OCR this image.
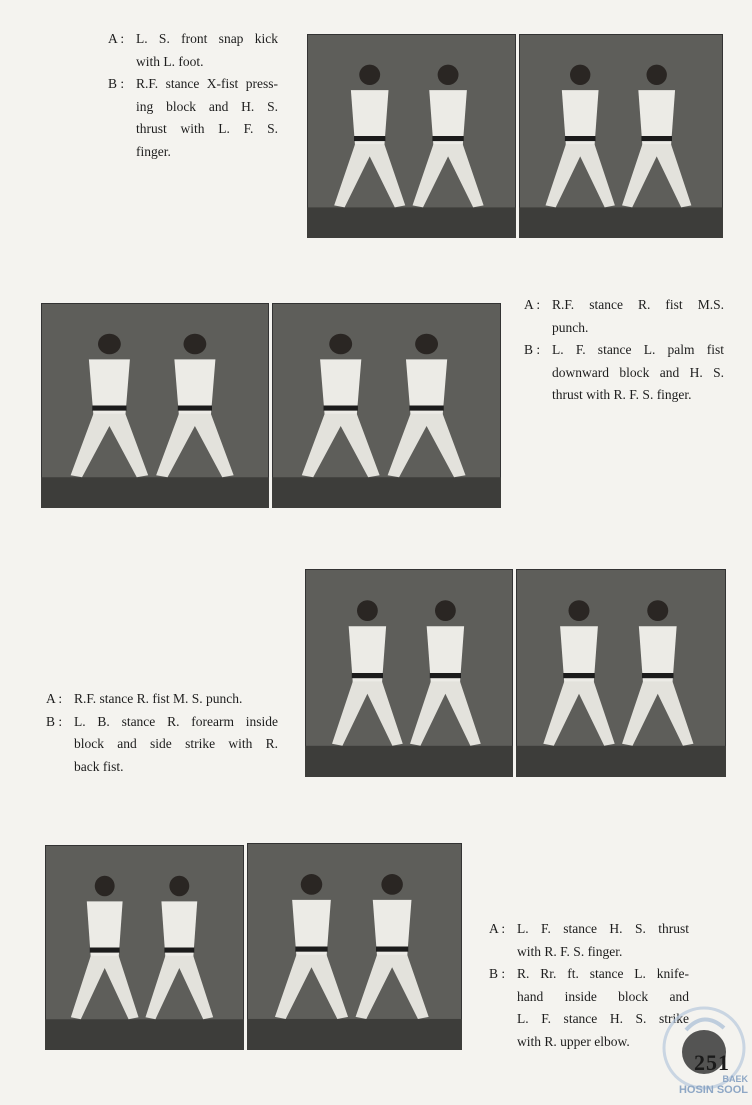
A : L. S. front snap kick
with L. foot.
B : R.F. stance X-fist press-
ing block and H. S.
thrust with L. F. S.
finger.
A : R.F. stance R. fist M.S.
punch.
B : L. F. stance L. palm fist
downward block and H. S.
thrust with R. F. S. finger.
A : R.F. stance R. fist M. S. punch.
B : L. B. stance R. forearm inside
block and side strike with R.
back fist.
A : L. F. stance H. S. thrust
with R. F. S. finger.
B : R. Rr. ft. stance L. knife-
hand inside block and
L. F. stance H. S. strike
with R. upper elbow.
BAEK
HOSIN SOOL
251
